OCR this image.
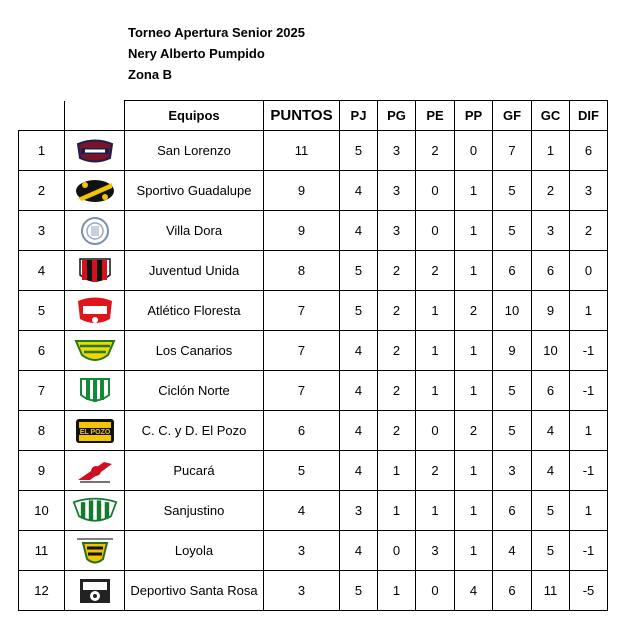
Torneo Apertura Senior 2025
Nery Alberto Pumpido
Zona B
		Equipos	PUNTOS	PJ	PG	PE	PP	GF	GC	DIF
1		San Lorenzo	11	5	3	2	0	7	1	6
2		Sportivo Guadalupe	9	4	3	0	1	5	2	3
3		Villa Dora	9	4	3	0	1	5	3	2
4		Juventud Unida	8	5	2	2	1	6	6	0
5		Atlético Floresta	7	5	2	1	2	10	9	1
6		Los Canarios	7	4	2	1	1	9	10	-1
7		Ciclón Norte	7	4	2	1	1	5	6	-1
8	EL POZO	C. C. y D. El Pozo	6	4	2	0	2	5	4	1
9		Pucará	5	4	1	2	1	3	4	-1
10		Sanjustino	4	3	1	1	1	6	5	1
11		Loyola	3	4	0	3	1	4	5	-1
12		Deportivo Santa Rosa	3	5	1	0	4	6	11	-5
